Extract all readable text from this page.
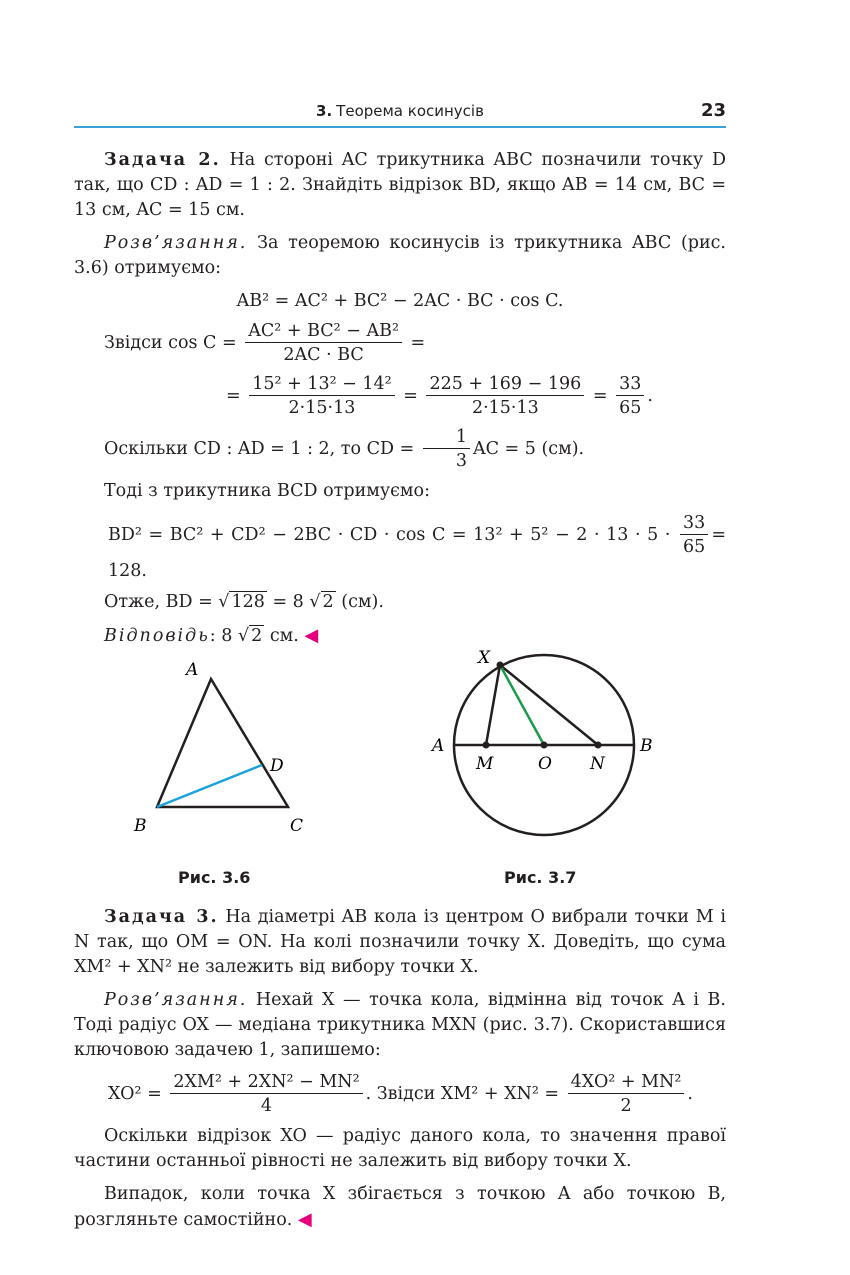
3. Теорема косинусів	23

Задача 2. На стороні AC трикутника ABC позначили точку D так, що CD : AD = 1 : 2. Знайдіть відрізок BD, якщо AB = 14 см, BC = 13 см, AC = 15 см.

Розв’язання. За теоремою косинусів із трикутника ABC (рис. 3.6) отримуємо:

AB² = AC² + BC² − 2AC · BC · cos C.

Звідси $\cos C = \frac{\text{AC² + BC² − AB²}}{2AC \cdot BC}$ =

= $\frac{\text{15² + 13² − 14²}}{2\cdot 15\cdot 13} = \frac{225 + 169 - 196}{2\cdot 15\cdot 13} = \frac{33}{65}$ .

Оскільки CD : AD = 1 : 2, то CD = $\frac{1}{3}$ AC = 5 (см).

Тоді з трикутника BCD отримуємо:

BD² = BC² + CD² − 2BC · CD · $\cos C = 13^2 + 5^2 - 2 \cdot 13 \cdot 5 \cdot \frac{33}{65} = 128$.

Отже, BD = √ 128 = 8 √ 2 (см).

Відповідь: 8 √ 2 см. ◀

A
D
B	C
X
A	B
M	O N
Рис. 3.6	Рис. 3.7

Задача 3. На діаметрі AB кола із центром O вибрали точки M і N так, що OM = ON. На колі позначили точку X. Доведіть, що сума XM² + XN² не залежить від вибору точки X.

Розв’язання. Нехай X — точка кола, відмінна від точок A і B. Тоді радіус OX — медіана трикутника MXN (рис. 3.7). Скориставшися ключовою задачею 1, запишемо:

$XO^2 = \frac{\text{2XM² + 2XN² − MN²}}{4}$ . Звідси $XM^2 + XN^2 = \frac{\text{4XO² + MN²}}{2}$ .

Оскільки відрізок XO — радіус даного кола, то значення правої частини останньої рівності не залежить від вибору точки X.

Випадок, коли точка X збігається з точкою A або точкою B, розгляньте самостійно. ◀
